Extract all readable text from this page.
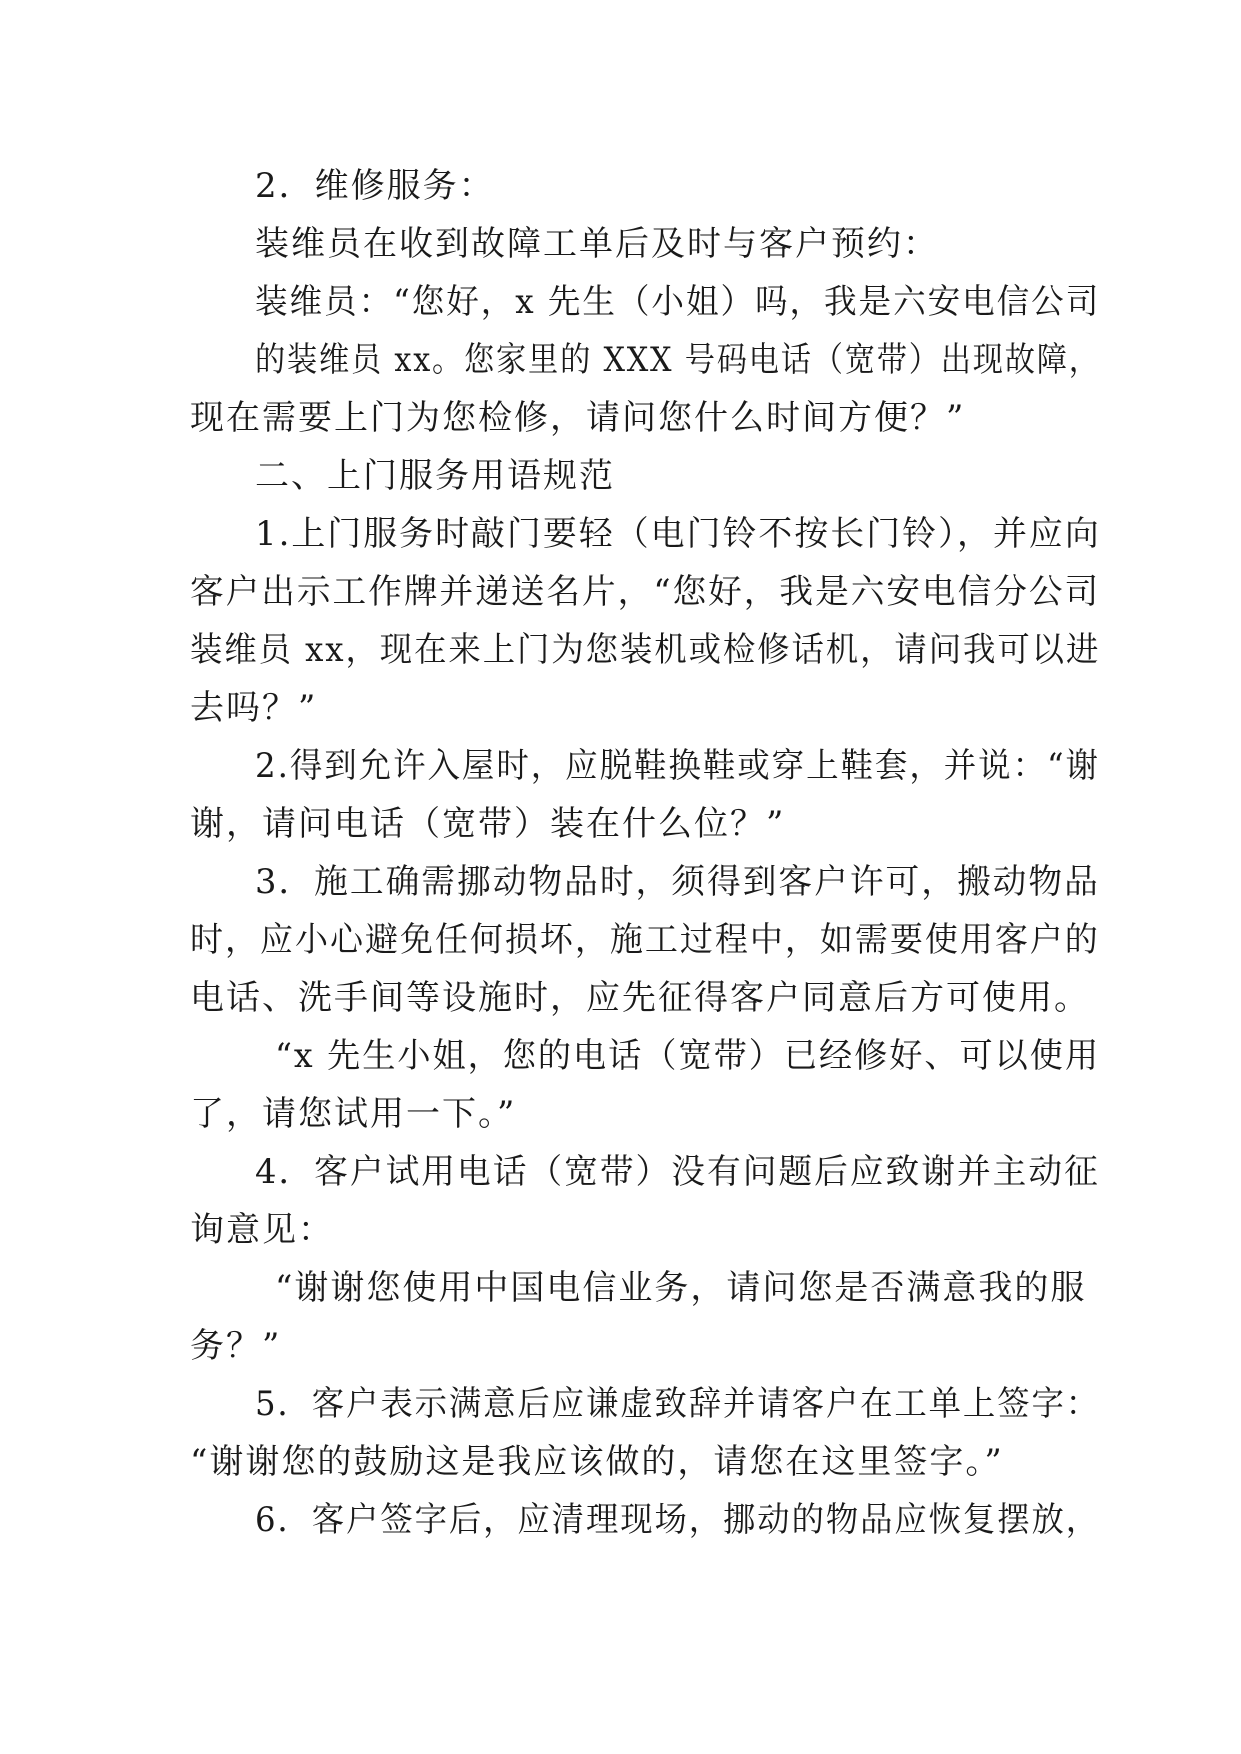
2．维修服务：
装维员在收到故障工单后及时与客户预约：
装维员：“您好，x 先生（小姐）吗，我是六安电信公司
的装维员 xx。您家里的 XXX 号码电话（宽带）出现故障，
现在需要上门为您检修，请问您什么时间方便？”
二、上门服务用语规范
1.上门服务时敲门要轻（电门铃不按长门铃），并应向
客户出示工作牌并递送名片，“您好，我是六安电信分公司
装维员 xx，现在来上门为您装机或检修话机，请问我可以进
去吗？”
2.得到允许入屋时，应脱鞋换鞋或穿上鞋套，并说：“谢
谢，请问电话（宽带）装在什么位？”
3．施工确需挪动物品时，须得到客户许可，搬动物品
时，应小心避免任何损坏，施工过程中，如需要使用客户的
电话、洗手间等设施时，应先征得客户同意后方可使用。
“x 先生小姐，您的电话（宽带）已经修好、可以使用
了，请您试用一下。”
4．客户试用电话（宽带）没有问题后应致谢并主动征
询意见：
“谢谢您使用中国电信业务，请问您是否满意我的服
务？”
5．客户表示满意后应谦虚致辞并请客户在工单上签字：
“谢谢您的鼓励这是我应该做的，请您在这里签字。”
6．客户签字后，应清理现场，挪动的物品应恢复摆放，
